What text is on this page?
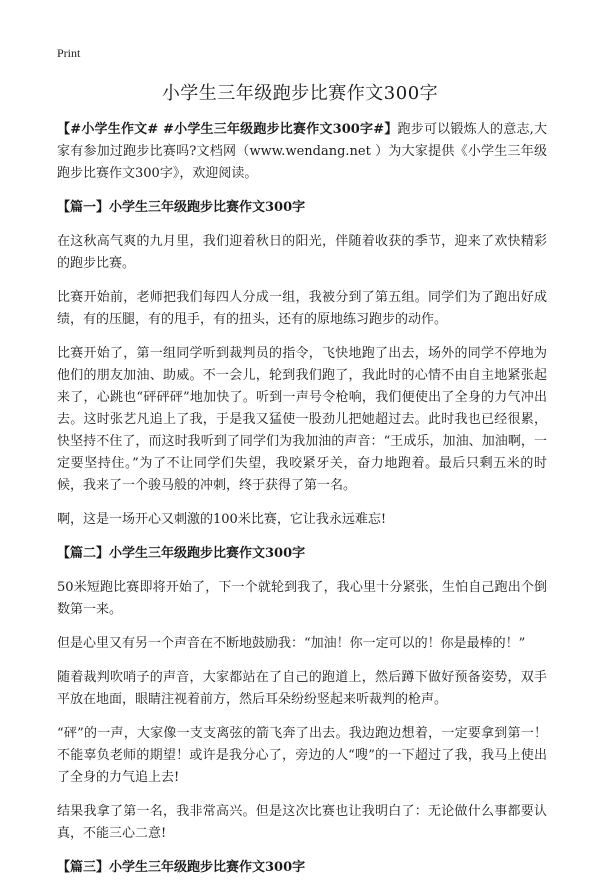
Print
小学生三年级跑步比赛作文300字

【#小学生作文# #小学生三年级跑步比赛作文300字#】跑步可以锻炼人的意志,大家有参加过跑步比赛吗?文档网（www.wendang.net ）为大家提供《小学生三年级跑步比赛作文300字》，欢迎阅读。

【篇一】小学生三年级跑步比赛作文300字

在这秋高气爽的九月里，我们迎着秋日的阳光，伴随着收获的季节，迎来了欢快精彩的跑步比赛。

比赛开始前，老师把我们每四人分成一组，我被分到了第五组。同学们为了跑出好成绩，有的压腿，有的甩手，有的扭头，还有的原地练习跑步的动作。

比赛开始了，第一组同学听到裁判员的指令，飞快地跑了出去，场外的同学不停地为他们的朋友加油、助威。不一会儿，轮到我们跑了，我此时的心情不由自主地紧张起来了，心跳也“砰砰砰”地加快了。听到一声号令枪响，我们便使出了全身的力气冲出去。这时张艺凡追上了我，于是我又猛使一股劲儿把她超过去。此时我也已经很累，快坚持不住了，而这时我听到了同学们为我加油的声音：“王成乐，加油、加油啊，一定要坚持住。”为了不让同学们失望，我咬紧牙关，奋力地跑着。最后只剩五米的时候，我来了一个骏马般的冲刺，终于获得了第一名。

啊，这是一场开心又刺激的100米比赛，它让我永远难忘!

【篇二】小学生三年级跑步比赛作文300字

50米短跑比赛即将开始了，下一个就轮到我了，我心里十分紧张，生怕自己跑出个倒数第一来。

但是心里又有另一个声音在不断地鼓励我：“加油！你一定可以的！你是最棒的！”

随着裁判吹哨子的声音，大家都站在了自己的跑道上，然后蹲下做好预备姿势，双手平放在地面，眼睛注视着前方，然后耳朵纷纷竖起来听裁判的枪声。

“砰”的一声，大家像一支支离弦的箭飞奔了出去。我边跑边想着，一定要拿到第一！不能辜负老师的期望！或许是我分心了，旁边的人“嗖”的一下超过了我，我马上使出了全身的力气追上去!

结果我拿了第一名，我非常高兴。但是这次比赛也让我明白了：无论做什么事都要认真，不能三心二意!

【篇三】小学生三年级跑步比赛作文300字
